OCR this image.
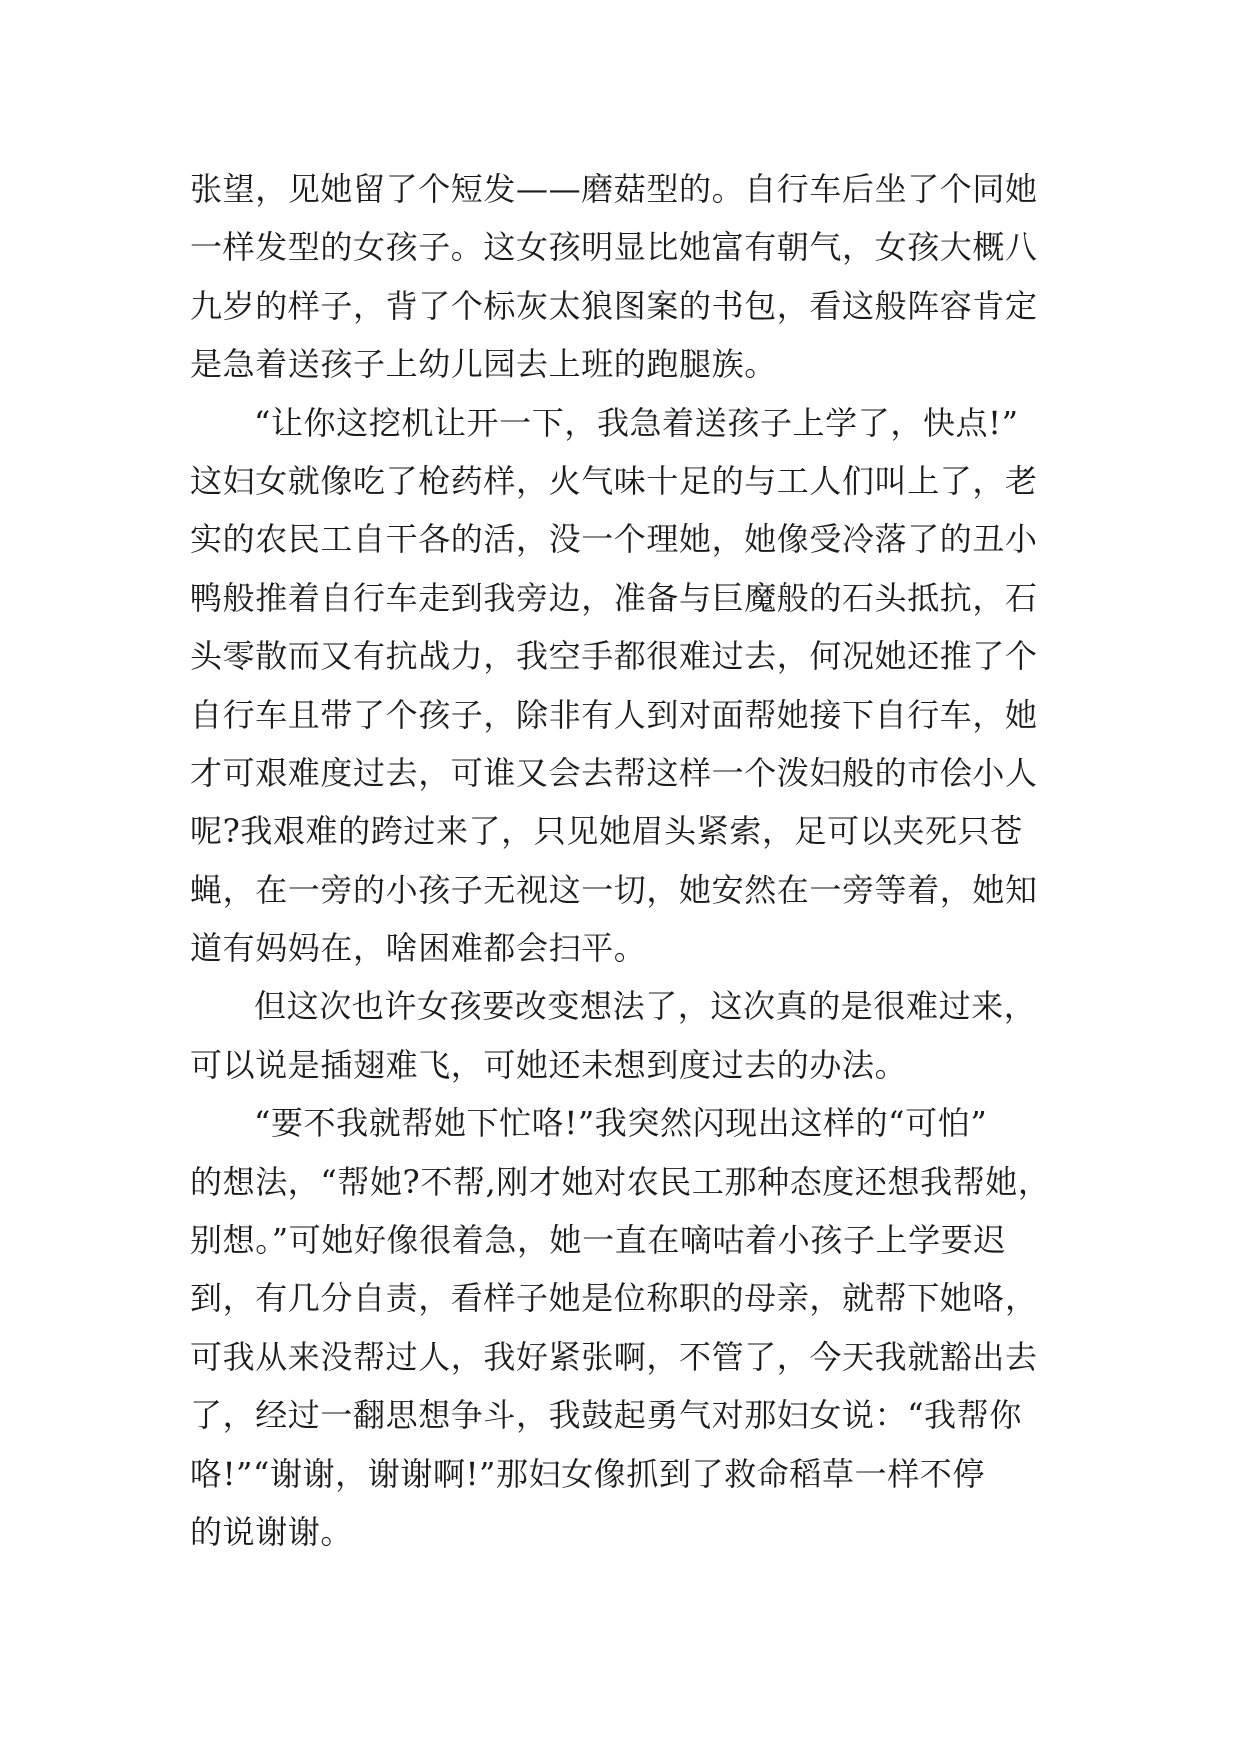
张望，见她留了个短发——磨菇型的。自行车后坐了个同她
一样发型的女孩子。这女孩明显比她富有朝气，女孩大概八
九岁的样子，背了个标灰太狼图案的书包，看这般阵容肯定
是急着送孩子上幼儿园去上班的跑腿族。
“让你这挖机让开一下，我急着送孩子上学了，快点!”
这妇女就像吃了枪药样，火气味十足的与工人们叫上了，老
实的农民工自干各的活，没一个理她，她像受冷落了的丑小
鸭般推着自行车走到我旁边，准备与巨魔般的石头抵抗，石
头零散而又有抗战力，我空手都很难过去，何况她还推了个
自行车且带了个孩子，除非有人到对面帮她接下自行车，她
才可艰难度过去，可谁又会去帮这样一个泼妇般的市侩小人
呢?我艰难的跨过来了，只见她眉头紧索，足可以夹死只苍
蝇，在一旁的小孩子无视这一切，她安然在一旁等着，她知
道有妈妈在，啥困难都会扫平。
但这次也许女孩要改变想法了，这次真的是很难过来，
可以说是插翅难飞，可她还未想到度过去的办法。
“要不我就帮她下忙咯!”我突然闪现出这样的“可怕”
的想法，“帮她?不帮,刚才她对农民工那种态度还想我帮她，
别想。”可她好像很着急，她一直在嘀咕着小孩子上学要迟
到，有几分自责，看样子她是位称职的母亲，就帮下她咯，
可我从来没帮过人，我好紧张啊，不管了，今天我就豁出去
了，经过一翻思想争斗，我鼓起勇气对那妇女说：“我帮你
咯!”“谢谢，谢谢啊!”那妇女像抓到了救命稻草一样不停
的说谢谢。
